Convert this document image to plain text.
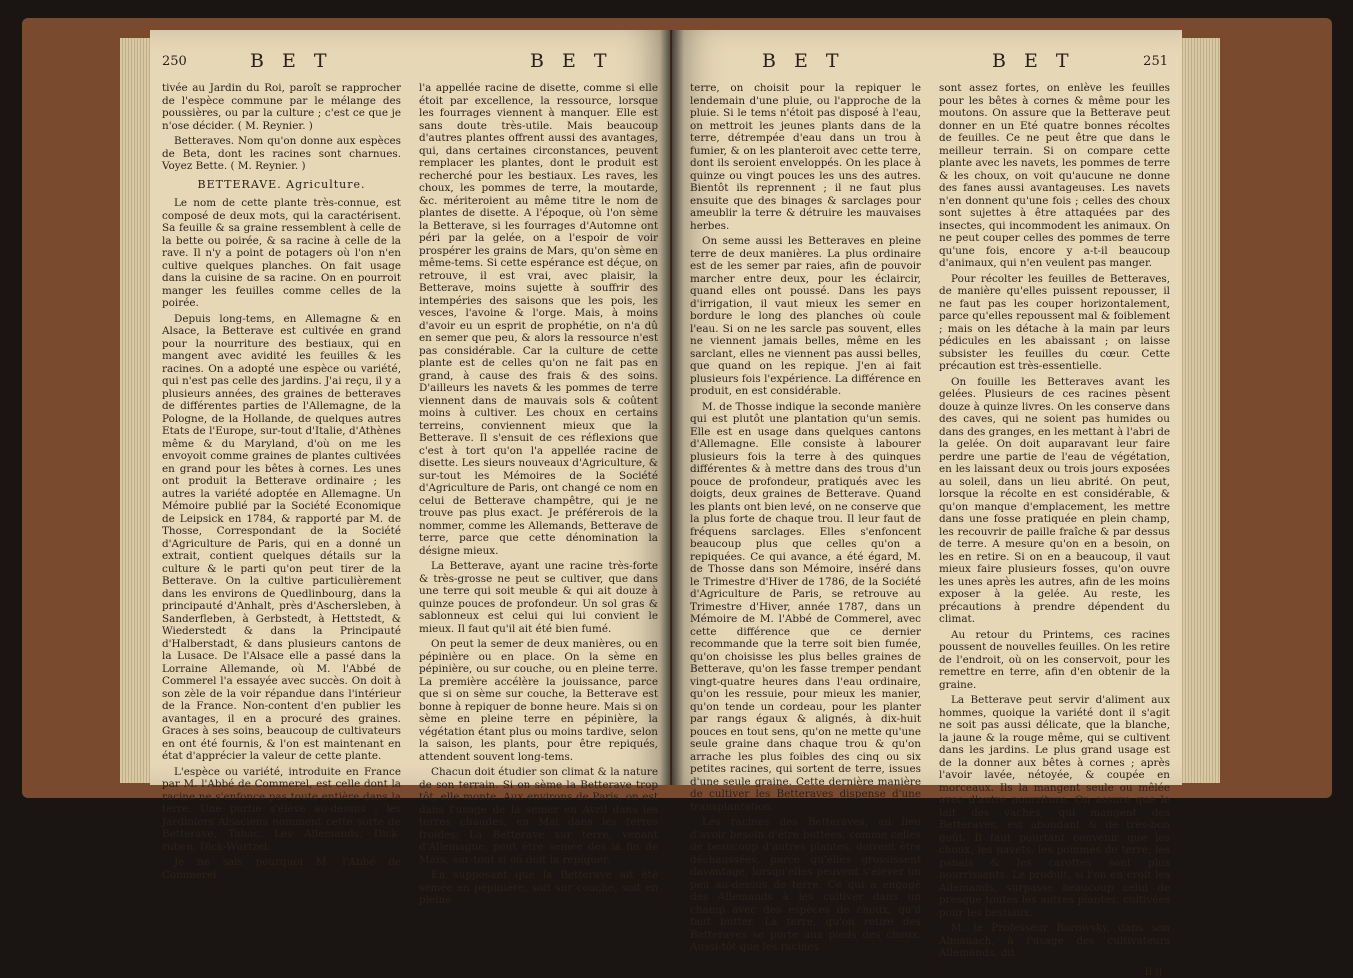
250	B E T	B E T

tivée au Jardin du Roi, paroît se rapprocher de l'espèce commune par le mélange des poussières, ou par la culture ; c'est ce que je n'ose décider. ( M. Reynier. )

Betteraves. Nom qu'on donne aux espèces de Beta, dont les racines sont charnues. Voyez Bette. ( M. Reynier. )

BETTERAVE. Agriculture.

Le nom de cette plante très-connue, est composé de deux mots, qui la caractérisent. Sa feuille & sa graine ressemblent à celle de la bette ou poirée, & sa racine à celle de la rave. Il n'y a point de potagers où l'on n'en cultive quelques planches. On fait usage dans la cuisine de sa racine. On en pourroit manger les feuilles comme celles de la poirée.

Depuis long-tems, en Allemagne & en Alsace, la Betterave est cultivée en grand pour la nourriture des bestiaux, qui en mangent avec avidité les feuilles & les racines. On a adopté une espèce ou variété, qui n'est pas celle des jardins. J'ai reçu, il y a plusieurs années, des graines de betteraves de différentes parties de l'Allemagne, de la Pologne, de la Hollande, de quelques autres Etats de l'Europe, sur-tout d'Italie, d'Athènes même & du Maryland, d'où on me les envoyoit comme graines de plantes cultivées en grand pour les bêtes à cornes. Les unes ont produit la Betterave ordinaire ; les autres la variété adoptée en Allemagne. Un Mémoire publié par la Société Economique de Leipsick en 1784, & rapporté par M. de Thosse, Correspondant de la Société d'Agriculture de Paris, qui en a donné un extrait, contient quelques détails sur la culture & le parti qu'on peut tirer de la Betterave. On la cultive particulièrement dans les environs de Quedlinbourg, dans la principauté d'Anhalt, près d'Aschersleben, à Sanderfleben, à Gerbstedt, à Hettstedt, & Wiederstedt & dans la Principauté d'Halberstadt, & dans plusieurs cantons de la Lusace. De l'Alsace elle a passé dans la Lorraine Allemande, où M. l'Abbé de Commerel l'a essayée avec succès. On doit à son zèle de la voir répandue dans l'intérieur de la France. Non-content d'en publier les avantages, il en a procuré des graines. Graces à ses soins, beaucoup de cultivateurs en ont été fournis, & l'on est maintenant en état d'apprécier la valeur de cette plante.

L'espèce ou variété, introduite en France par M. l'Abbé de Commerel, est celle dont la racine ne s'enfonce pas toute entière dans la terre. Une partie s'élève au-dessus ; les Jardiniers Alsaciens nomment cette sorte de Betterave, Tabac. Les Allemands, Dick-ruben, Dick-Wurtzel.

Je ne sais pourquoi M. l'Abbé de Commerel

l'a appellée racine de disette, comme si elle étoit par excellence, la ressource, lorsque les fourrages viennent à manquer. Elle est sans doute très-utile. Mais beaucoup d'autres plantes offrent aussi des avantages, qui, dans certaines circonstances, peuvent remplacer les plantes, dont le produit est recherché pour les bestiaux. Les raves, les choux, les pommes de terre, la moutarde, &c. mériteroient au même titre le nom de plantes de disette. A l'époque, où l'on sème la Betterave, si les fourrages d'Automne ont péri par la gelée, on a l'espoir de voir prospérer les grains de Mars, qu'on sème en même-tems. Si cette espérance est déçue, on retrouve, il est vrai, avec plaisir, la Betterave, moins sujette à souffrir des intempéries des saisons que les pois, les vesces, l'avoine & l'orge. Mais, à moins d'avoir eu un esprit de prophétie, on n'a dû en semer que peu, & alors la ressource n'est pas considérable. Car la culture de cette plante est de celles qu'on ne fait pas en grand, à cause des frais & des soins. D'ailleurs les navets & les pommes de terre viennent dans de mauvais sols & coûtent moins à cultiver. Les choux en certains terreins, conviennent mieux que la Betterave. Il s'ensuit de ces réflexions que c'est à tort qu'on l'a appellée racine de disette. Les sieurs nouveaux d'Agriculture, & sur-tout les Mémoires de la Société d'Agriculture de Paris, ont changé ce nom en celui de Betterave champêtre, qui je ne trouve pas plus exact. Je préférerois de la nommer, comme les Allemands, Betterave de terre, parce que cette dénomination la désigne mieux.

La Betterave, ayant une racine très-forte & très-grosse ne peut se cultiver, que dans une terre qui soit meuble & qui ait douze à quinze pouces de profondeur. Un sol gras & sablonneux est celui qui lui convient le mieux. Il faut qu'il ait été bien fumé.

On peut la semer de deux manières, ou en pépinière ou en place. On la sème en pépinière, ou sur couche, ou en pleine terre. La première accélère la jouissance, parce que si on sème sur couche, la Betterave est bonne à repiquer de bonne heure. Mais si on sème en pleine terre en pépinière, la végétation étant plus ou moins tardive, selon la saison, les plants, pour être repiqués, attendent souvent long-tems.

Chacun doit étudier son climat & la nature de son terrain. Si on sème la Betterave trop tôt, elle monte. Aux environs de Paris, on est dans l'usage de la semer en Avril dans les terres chaudes, en Mai dans les terres froides. La Betterave sur terre, venant d'Allemagne, peut être semée dès la fin de Mars, sur-tout si on doit la repiquer.

En supposant que la Betterave ait été semée en pépinière, soit sur couche, soit en pleine

B E T	B E T	251

terre, on choisit pour la repiquer le lendemain d'une pluie, ou l'approche de la pluie. Si le tems n'étoit pas disposé à l'eau, on mettroit les jeunes plants dans de la terre, détrempée d'eau dans un trou à fumier, & on les planteroit avec cette terre, dont ils seroient enveloppés. On les place à quinze ou vingt pouces les uns des autres. Bientôt ils reprennent ; il ne faut plus ensuite que des binages & sarclages pour ameublir la terre & détruire les mauvaises herbes.

On seme aussi les Betteraves en pleine terre de deux manières. La plus ordinaire est de les semer par raies, afin de pouvoir marcher entre deux, pour les éclaircir, quand elles ont poussé. Dans les pays d'irrigation, il vaut mieux les semer en bordure le long des planches où coule l'eau. Si on ne les sarcle pas souvent, elles ne viennent jamais belles, même en les sarclant, elles ne viennent pas aussi belles, que quand on les repique. J'en ai fait plusieurs fois l'expérience. La différence en produit, en est considérable.

M. de Thosse indique la seconde manière qui est plutôt une plantation qu'un semis. Elle est en usage dans quelques cantons d'Allemagne. Elle consiste à labourer plusieurs fois la terre à des quinques différentes & à mettre dans des trous d'un pouce de profondeur, pratiqués avec les doigts, deux graines de Betterave. Quand les plants ont bien levé, on ne conserve que la plus forte de chaque trou. Il leur faut de fréquens sarclages. Elles s'enfoncent beaucoup plus que celles qu'on a repiquées. Ce qui avance, a été égard, M. de Thosse dans son Mémoire, inséré dans le Trimestre d'Hiver de 1786, de la Société d'Agriculture de Paris, se retrouve au Trimestre d'Hiver, année 1787, dans un Mémoire de M. l'Abbé de Commerel, avec cette différence que ce dernier recommande que la terre soit bien fumée, qu'on choisisse les plus belles graines de Betterave, qu'on les fasse tremper pendant vingt-quatre heures dans l'eau ordinaire, qu'on les ressuie, pour mieux les manier, qu'on tende un cordeau, pour les planter par rangs égaux & alignés, à dix-huit pouces en tout sens, qu'on ne mette qu'une seule graine dans chaque trou & qu'on arrache les plus foibles des cinq ou six petites racines, qui sortent de terre, issues d'une seule graine. Cette dernière manière de cultiver les Betteraves dispense d'une transplantation.

Les racines des Betteraves, au lieu d'avoir besoin d'être buttées, comme celles de beaucoup d'autres plantes, doivent être déchaussées, parce qu'elles grossissent davantage, lorsqu'elles peuvent s'élever un peu au-dessus de terre. Ce qui a engagé des Allemands à les cultiver dans un champ avec des espèces de choux, qu'il faut butter. La terre, qu'on retire des Betteraves se porte aux pieds des choux. Aussi-tôt que les racines

sont assez fortes, on enlève les feuilles pour les bêtes à cornes & même pour les moutons. On assure que la Betterave peut donner en un Eté quatre bonnes récoltes de feuilles. Ce ne peut être que dans le meilleur terrain. Si on compare cette plante avec les navets, les pommes de terre & les choux, on voit qu'aucune ne donne des fanes aussi avantageuses. Les navets n'en donnent qu'une fois ; celles des choux sont sujettes à être attaquées par des insectes, qui incommodent les animaux. On ne peut couper celles des pommes de terre qu'une fois, encore y a-t-il beaucoup d'animaux, qui n'en veulent pas manger.

Pour récolter les feuilles de Betteraves, de manière qu'elles puissent repousser, il ne faut pas les couper horizontalement, parce qu'elles repoussent mal & foiblement ; mais on les détache à la main par leurs pédicules en les abaissant ; on laisse subsister les feuilles du cœur. Cette précaution est très-essentielle.

On fouille les Betteraves avant les gelées. Plusieurs de ces racines pèsent douze à quinze livres. On les conserve dans des caves, qui ne soient pas humides ou dans des granges, en les mettant à l'abri de la gelée. On doit auparavant leur faire perdre une partie de l'eau de végétation, en les laissant deux ou trois jours exposées au soleil, dans un lieu abrité. On peut, lorsque la récolte en est considérable, & qu'on manque d'emplacement, les mettre dans une fosse pratiquée en plein champ, les recouvrir de paille fraîche & par dessus de terre. A mesure qu'on en a besoin, on les en retire. Si on en a beaucoup, il vaut mieux faire plusieurs fosses, qu'on ouvre les unes après les autres, afin de les moins exposer à la gelée. Au reste, les précautions à prendre dépendent du climat.

Au retour du Printems, ces racines poussent de nouvelles feuilles. On les retire de l'endroit, où on les conservoit, pour les remettre en terre, afin d'en obtenir de la graine.

La Betterave peut servir d'aliment aux hommes, quoique la variété dont il s'agit ne soit pas aussi délicate, que la blanche, la jaune & la rouge même, qui se cultivent dans les jardins. Le plus grand usage est de la donner aux bêtes à cornes ; après l'avoir lavée, nétoyée, & coupée en morceaux. Ils la mangent seule ou mêlée avec d'autre nourriture. On assure que le lait des vaches, qui mangent des Betteraves, est abondant & de très-bon goût. Il faut pourtant convenir que les choux, les navets, les pommes de terre, les panais & les carottes sont plus nourrissants. Le produit, si l'on en croit les Allemands, surpasse beaucoup celui de presque toutes les autres plantes, cultivées pour les bestiaux.

M. le Professeur Borowsky, dans son Almanach, à l'usage des cultivateurs Allemands, dit

Ii ij
